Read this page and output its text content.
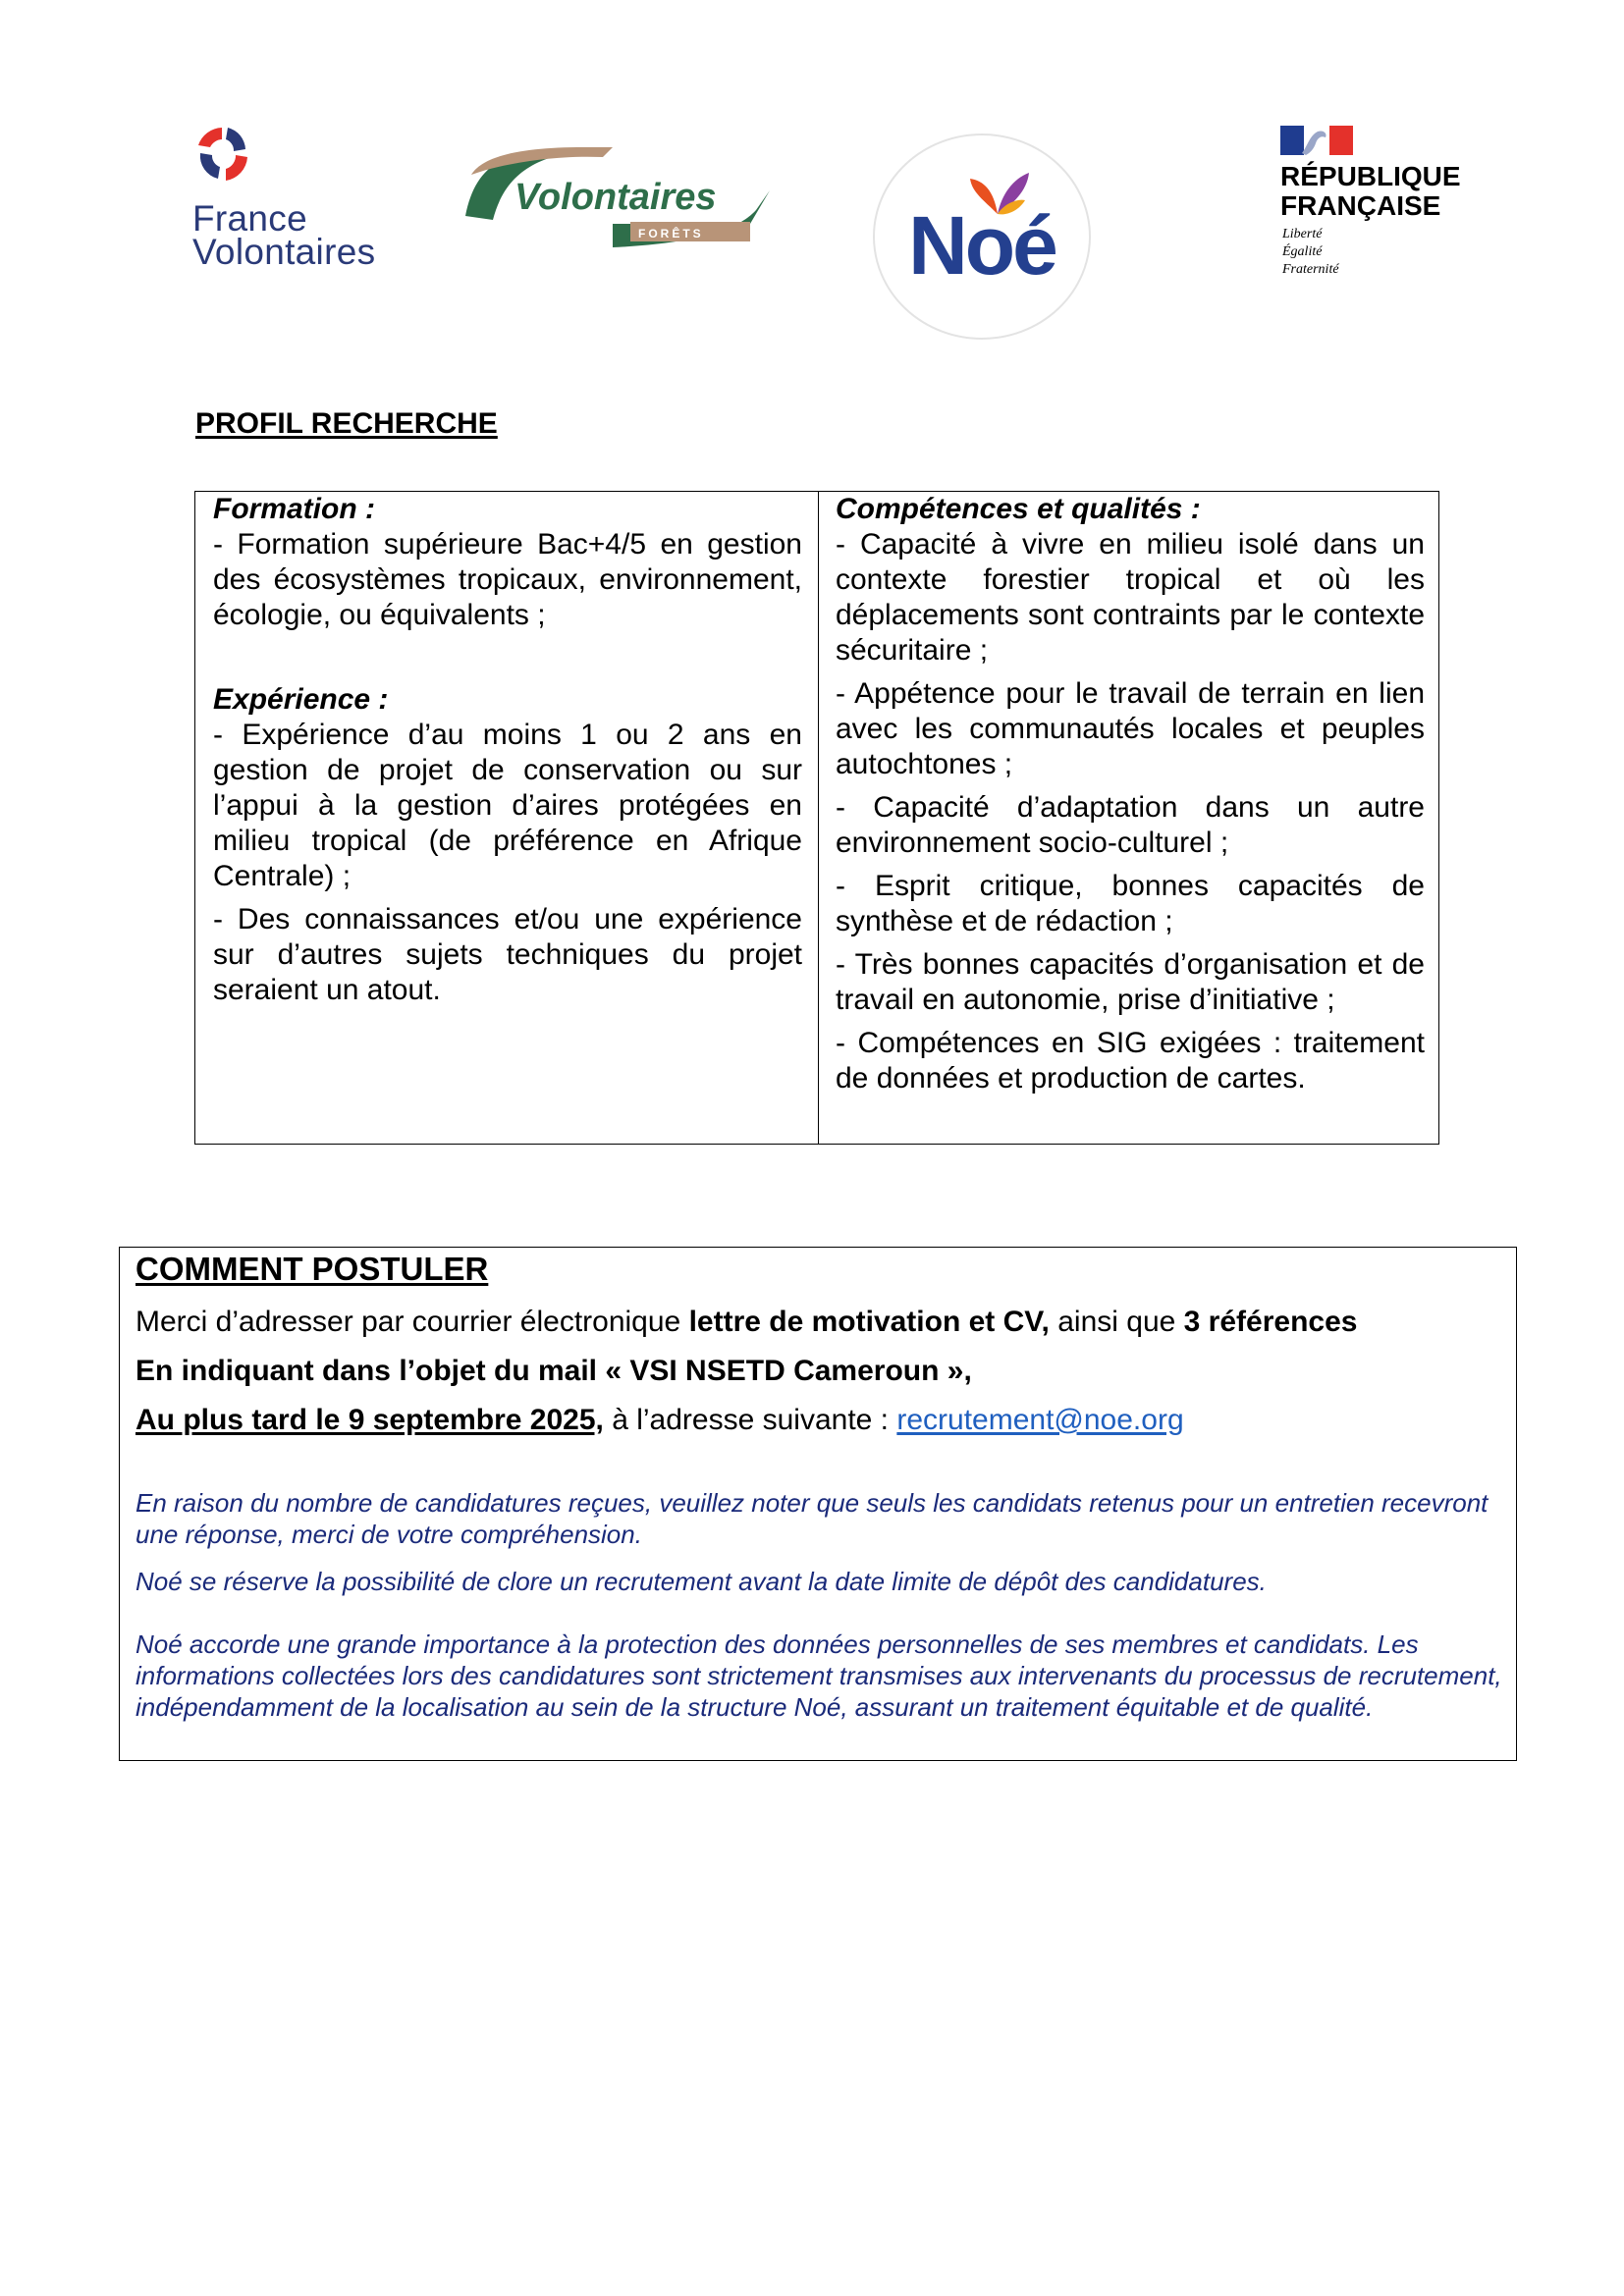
France
Volontaires
Volontaires
FORÊTS Noé
RÉPUBLIQUE
FRANÇAISE
Liberté
Égalité
Fraternité
PROFIL RECHERCHE
Formation :
- Formation supérieure Bac+4/5 en gestion des écosystèmes tropicaux, environnement, écologie, ou équivalents ;
Expérience :
- Expérience d’au moins 1 ou 2 ans en gestion de projet de conservation ou sur l’appui à la gestion d’aires protégées en milieu tropical (de préférence en Afrique Centrale) ;
- Des connaissances et/ou une expérience sur d’autres sujets techniques du projet seraient un atout.
Compétences et qualités :
- Capacité à vivre en milieu isolé dans un contexte forestier tropical et où les déplacements sont contraints par le contexte sécuritaire ;
- Appétence pour le travail de terrain en lien avec les communautés locales et peuples autochtones ;
- Capacité d’adaptation dans un autre environnement socio-culturel ;
- Esprit critique, bonnes capacités de synthèse et de rédaction ;
- Très bonnes capacités d’organisation et de travail en autonomie, prise d’initiative ;
- Compétences en SIG exigées : traitement de données et production de cartes.
COMMENT POSTULER
Merci d’adresser par courrier électronique lettre de motivation et CV, ainsi que 3 références
En indiquant dans l’objet du mail « VSI NSETD Cameroun »,
Au plus tard le 9 septembre 2025, à l’adresse suivante : recrutement@noe.org
En raison du nombre de candidatures reçues, veuillez noter que seuls les candidats retenus pour un entretien recevront une réponse, merci de votre compréhension.
Noé se réserve la possibilité de clore un recrutement avant la date limite de dépôt des candidatures.
Noé accorde une grande importance à la protection des données personnelles de ses membres et candidats. Les informations collectées lors des candidatures sont strictement transmises aux intervenants du processus de recrutement, indépendamment de la localisation au sein de la structure Noé, assurant un traitement équitable et de qualité.
